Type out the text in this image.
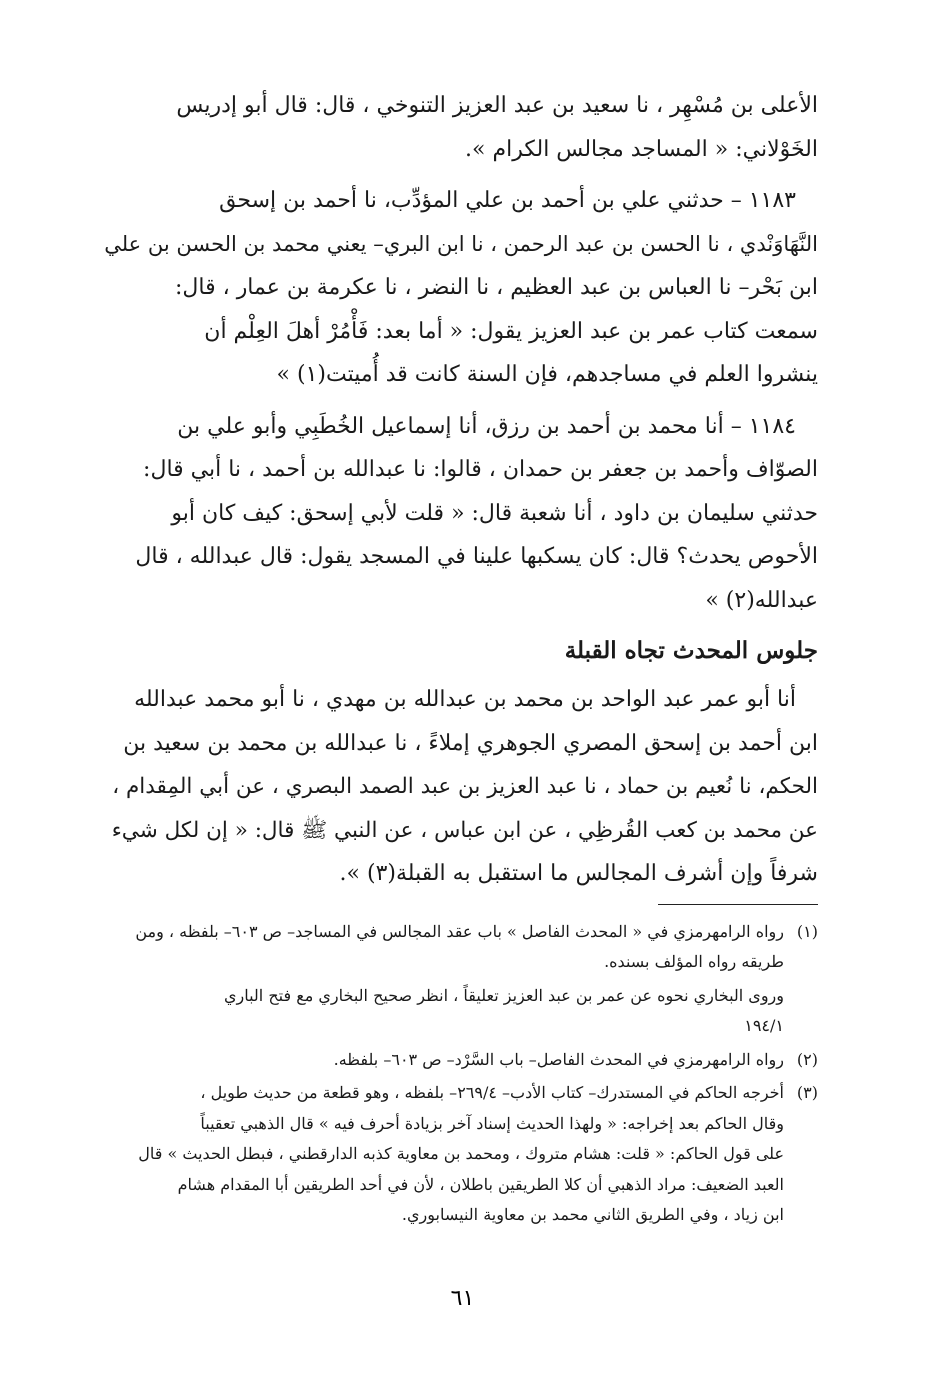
الأعلى بن مُسْهِر ، نا سعيد بن عبد العزيز التنوخي ، قال: قال أبو إدريس
الخَوْلاني: « المساجد مجالس الكرام ».
١١٨٣ – حدثني علي بن أحمد بن علي المؤدِّب، نا أحمد بن إسحق
النَّهَاوَنْدي ، نا الحسن بن عبد الرحمن ، نا ابن البري– يعني محمد بن الحسن بن علي
ابن بَحْر– نا العباس بن عبد العظيم ، نا النضر ، نا عكرمة بن عمار ، قال:
سمعت كتاب عمر بن عبد العزيز يقول: « أما بعد: فَأْمُرْ أهلَ العِلْم أن
ينشروا العلم في مساجدهم، فإن السنة كانت قد أُميتت(١) »
١١٨٤ – أنا محمد بن أحمد بن رزق، أنا إسماعيل الخُطَبِي وأبو علي بن
الصوّاف وأحمد بن جعفر بن حمدان ، قالوا: نا عبدالله بن أحمد ، نا أبي قال:
حدثني سليمان بن داود ، أنا شعبة قال: « قلت لأبي إسحق: كيف كان أبو
الأحوص يحدث؟ قال: كان يسكبها علينا في المسجد يقول: قال عبدالله ، قال
عبدالله(٢) »
جلوس المحدث تجاه القبلة
أنا أبو عمر عبد الواحد بن محمد بن عبدالله بن مهدي ، نا أبو محمد عبدالله
ابن أحمد بن إسحق المصري الجوهري إملاءً ، نا عبدالله بن محمد بن سعيد بن
الحكم، نا نُعيم بن حماد ، نا عبد العزيز بن عبد الصمد البصري ، عن أبي المِقدام ،
عن محمد بن كعب القُرظِي ، عن ابن عباس ، عن النبي ﷺ قال: « إن لكل شيء
شرفاً وإن أشرف المجالس ما استقبل به القبلة(٣) ».
(١)
رواه الرامهرمزي في « المحدث الفاصل » باب عقد المجالس في المساجد– ص ٦٠٣– بلفظه ، ومن
طريقه رواه المؤلف بسنده.
وروى البخاري نحوه عن عمر بن عبد العزيز تعليقاً ، انظر صحيح البخاري مع فتح الباري
١٩٤/١
(٢)
رواه الرامهرمزي في المحدث الفاصل– باب السَّرْد– ص ٦٠٣– بلفظه.
(٣)
أخرجه الحاكم في المستدرك– كتاب الأدب– ٢٦٩/٤– بلفظه ، وهو قطعة من حديث طويل ،
وقال الحاكم بعد إخراجه: « ولهذا الحديث إسناد آخر بزيادة أحرف فيه » قال الذهبي تعقيباً
على قول الحاكم: « قلت: هشام متروك ، ومحمد بن معاوية كذبه الدارقطني ، فبطل الحديث » قال
العبد الضعيف: مراد الذهبي أن كلا الطريقين باطلان ، لأن في أحد الطريقين أبا المقدام هشام
ابن زياد ، وفي الطريق الثاني محمد بن معاوية النيسابوري.
٦١
